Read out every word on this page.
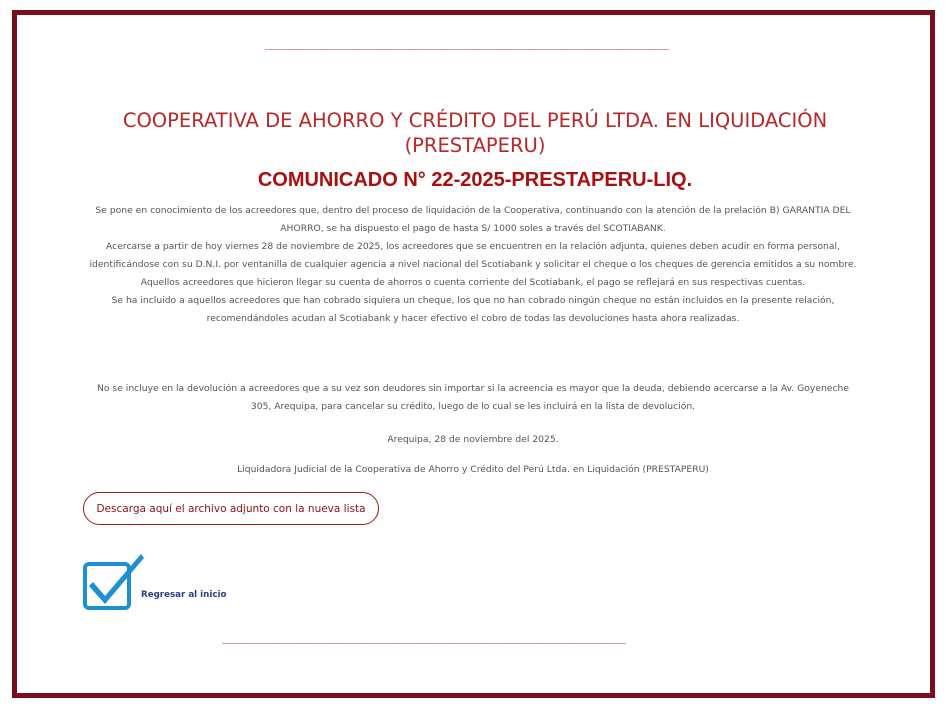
_______________________________________________________________________________________
COOPERATIVA DE AHORRO Y CRÉDITO DEL PERÚ LTDA. EN LIQUIDACIÓN (PRESTAPERU)
COMUNICADO N° 22-2025-PRESTAPERU-LIQ.

Se pone en conocimiento de los acreedores que, dentro del proceso de liquidación de la Cooperativa, continuando con la atención de la prelación B) GARANTIA DEL AHORRO, se ha dispuesto el pago de hasta S/ 1000 soles a través del SCOTIABANK.

Acercarse a partir de hoy viernes 28 de noviembre de 2025, los acreedores que se encuentren en la relación adjunta, quienes deben acudir en forma personal, identificándose con su D.N.I. por ventanilla de cualquier agencia a nivel nacional del Scotiabank y solicitar el cheque o los cheques de gerencia emitidos a su nombre.

Aquellos acreedores que hicieron llegar su cuenta de ahorros o cuenta corriente del Scotiabank, el pago se reflejará en sus respectivas cuentas.

Se ha incluido a aquellos acreedores que han cobrado siquiera un cheque, los que no han cobrado ningún cheque no están incluidos en la presente relación, recomendándoles acudan al Scotiabank y hacer efectivo el cobro de todas las devoluciones hasta ahora realizadas.

No se incluye en la devolución a acreedores que a su vez son deudores sin importar si la acreencia es mayor que la deuda, debiendo acercarse a la Av. Goyeneche 305, Arequipa, para cancelar su crédito, luego de lo cual se les incluirá en la lista de devolución.

Arequipa, 28 de noviembre del 2025.

Liquidadora Judicial de la Cooperativa de Ahorro y Crédito del Perú Ltda. en Liquidación (PRESTAPERU)

Descarga aquí el archivo adjunto con la nueva lista
Regresar al inicio
_______________________________________________________________________________________
